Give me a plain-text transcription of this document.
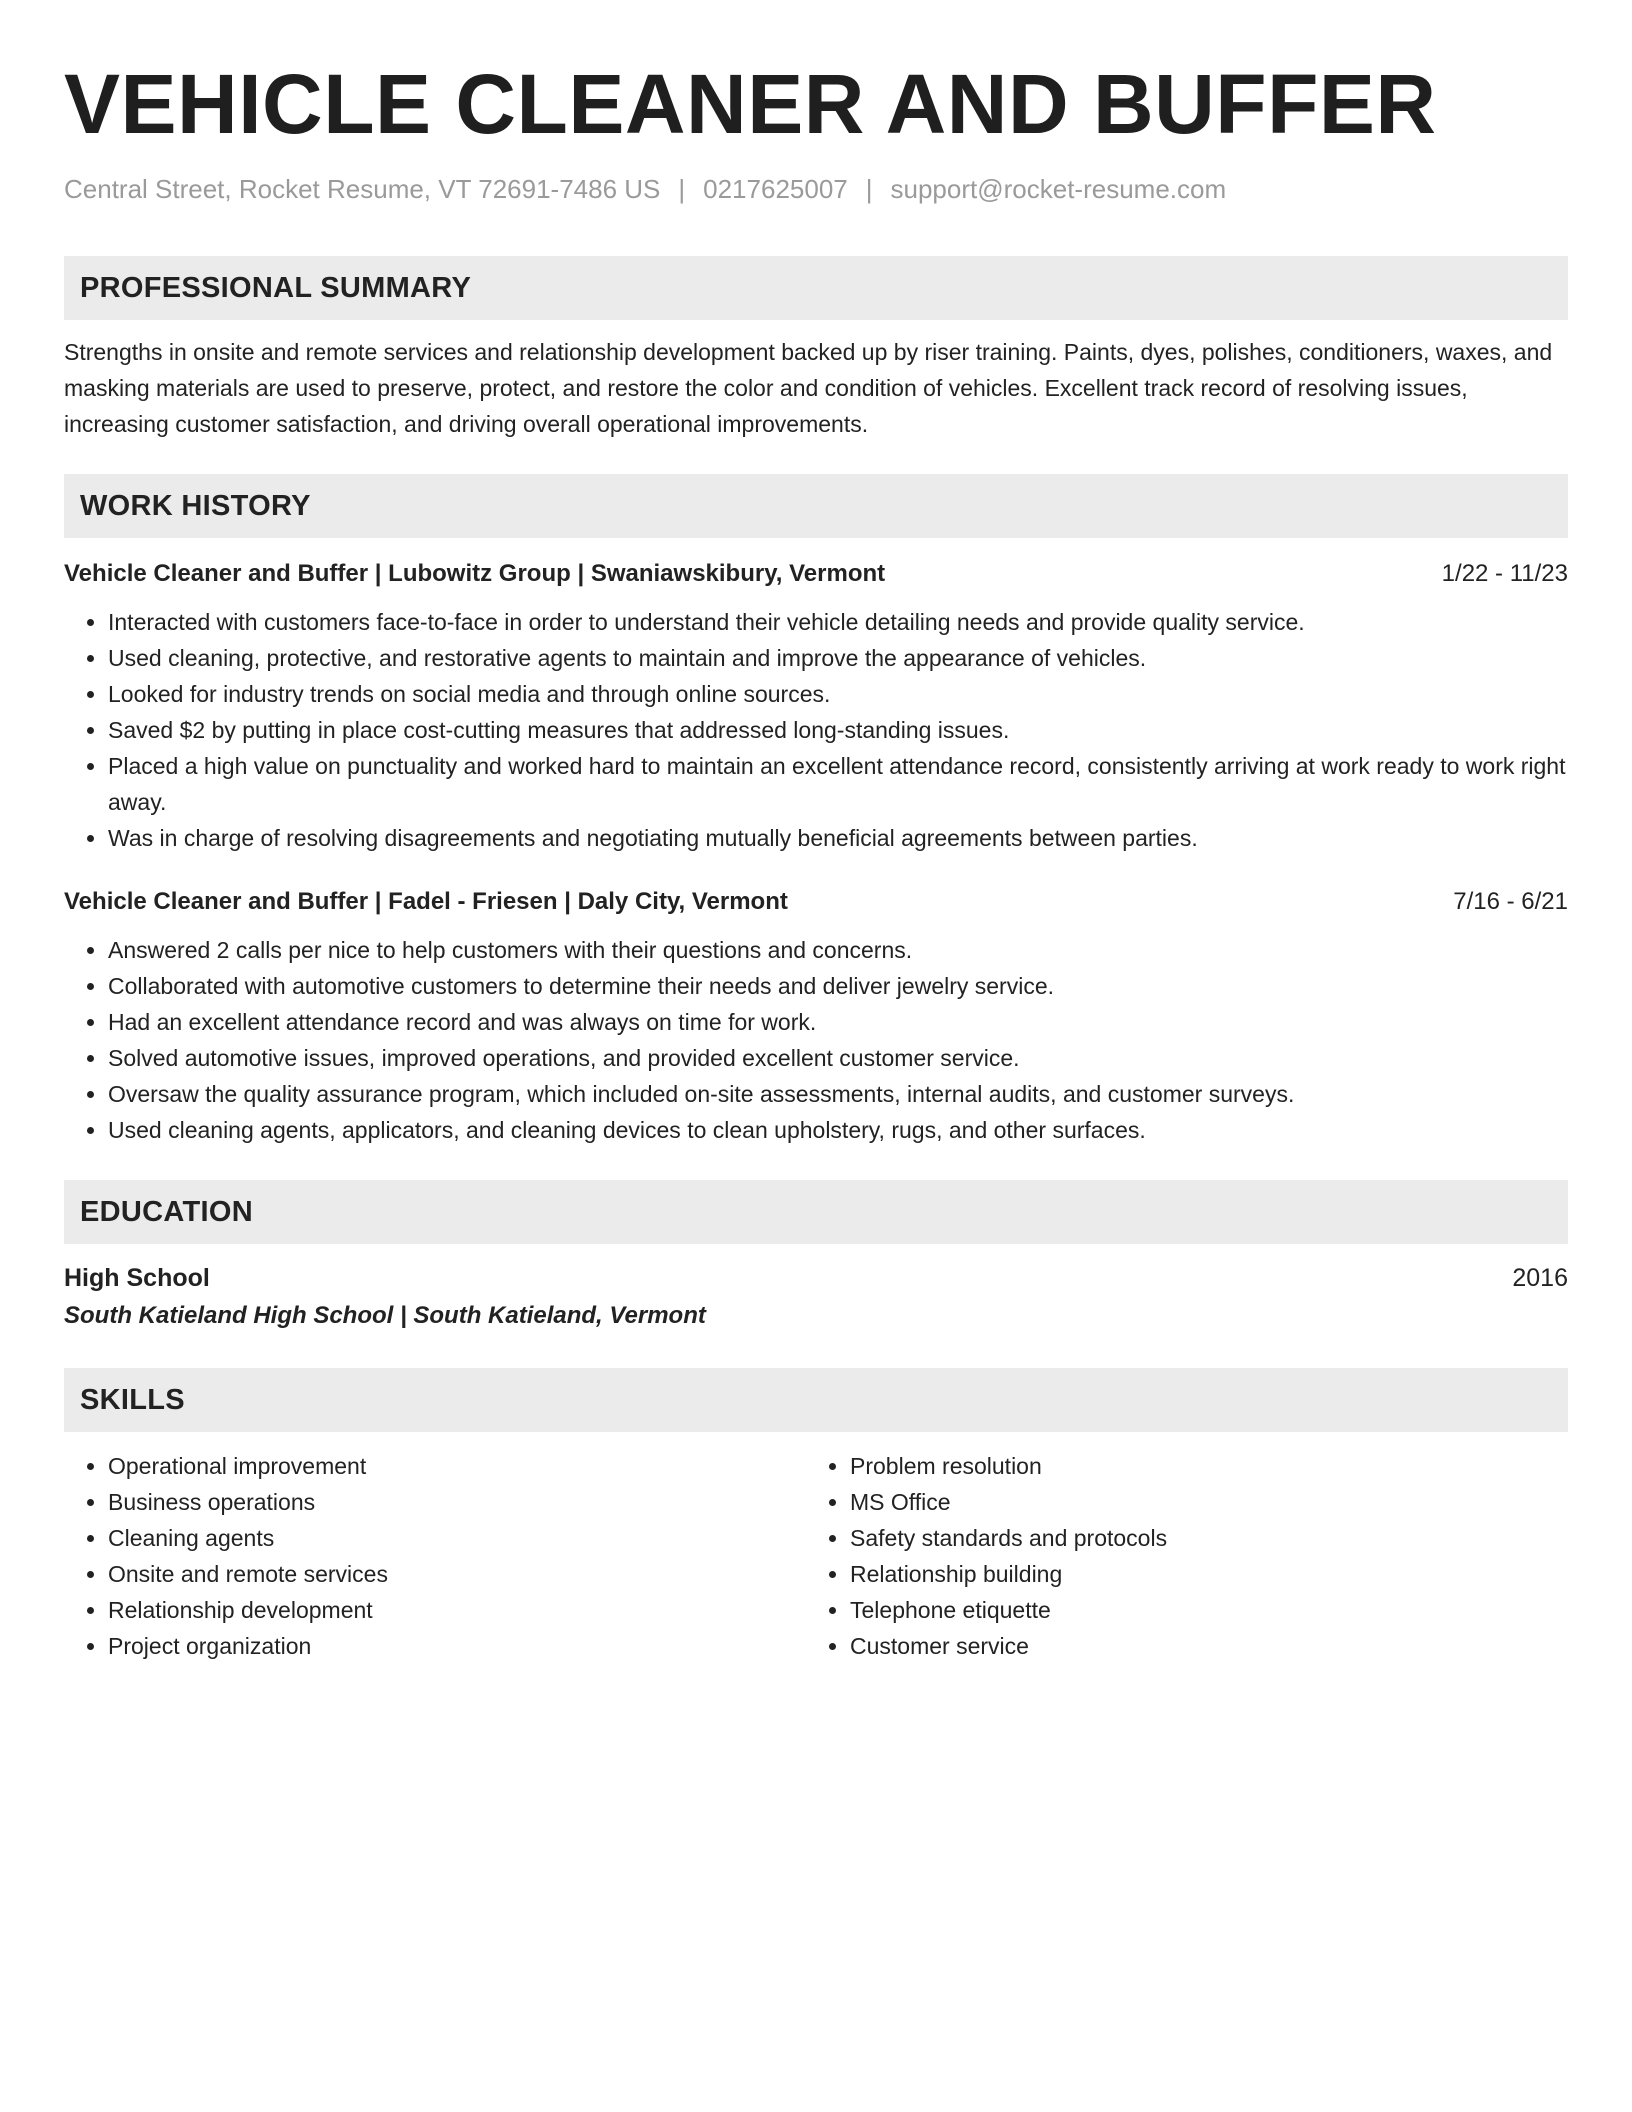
VEHICLE CLEANER AND BUFFER
Central Street, Rocket Resume, VT 72691-7486 US | 0217625007 | support@rocket-resume.com
PROFESSIONAL SUMMARY
Strengths in onsite and remote services and relationship development backed up by riser training. Paints, dyes, polishes, conditioners, waxes, and masking materials are used to preserve, protect, and restore the color and condition of vehicles. Excellent track record of resolving issues, increasing customer satisfaction, and driving overall operational improvements.
WORK HISTORY
Vehicle Cleaner and Buffer | Lubowitz Group | Swaniawskibury, Vermont	1/22 - 11/23
• Interacted with customers face-to-face in order to understand their vehicle detailing needs and provide quality service.
• Used cleaning, protective, and restorative agents to maintain and improve the appearance of vehicles.
• Looked for industry trends on social media and through online sources.
• Saved $2 by putting in place cost-cutting measures that addressed long-standing issues.
• Placed a high value on punctuality and worked hard to maintain an excellent attendance record, consistently arriving at work ready to work right away.
• Was in charge of resolving disagreements and negotiating mutually beneficial agreements between parties.
Vehicle Cleaner and Buffer | Fadel - Friesen | Daly City, Vermont	7/16 - 6/21
• Answered 2 calls per nice to help customers with their questions and concerns.
• Collaborated with automotive customers to determine their needs and deliver jewelry service.
• Had an excellent attendance record and was always on time for work.
• Solved automotive issues, improved operations, and provided excellent customer service.
• Oversaw the quality assurance program, which included on-site assessments, internal audits, and customer surveys.
• Used cleaning agents, applicators, and cleaning devices to clean upholstery, rugs, and other surfaces.
EDUCATION
High School	2016
South Katieland High School | South Katieland, Vermont
SKILLS
• Operational improvement
• Business operations
• Cleaning agents
• Onsite and remote services
• Relationship development
• Project organization
• Problem resolution
• MS Office
• Safety standards and protocols
• Relationship building
• Telephone etiquette
• Customer service
